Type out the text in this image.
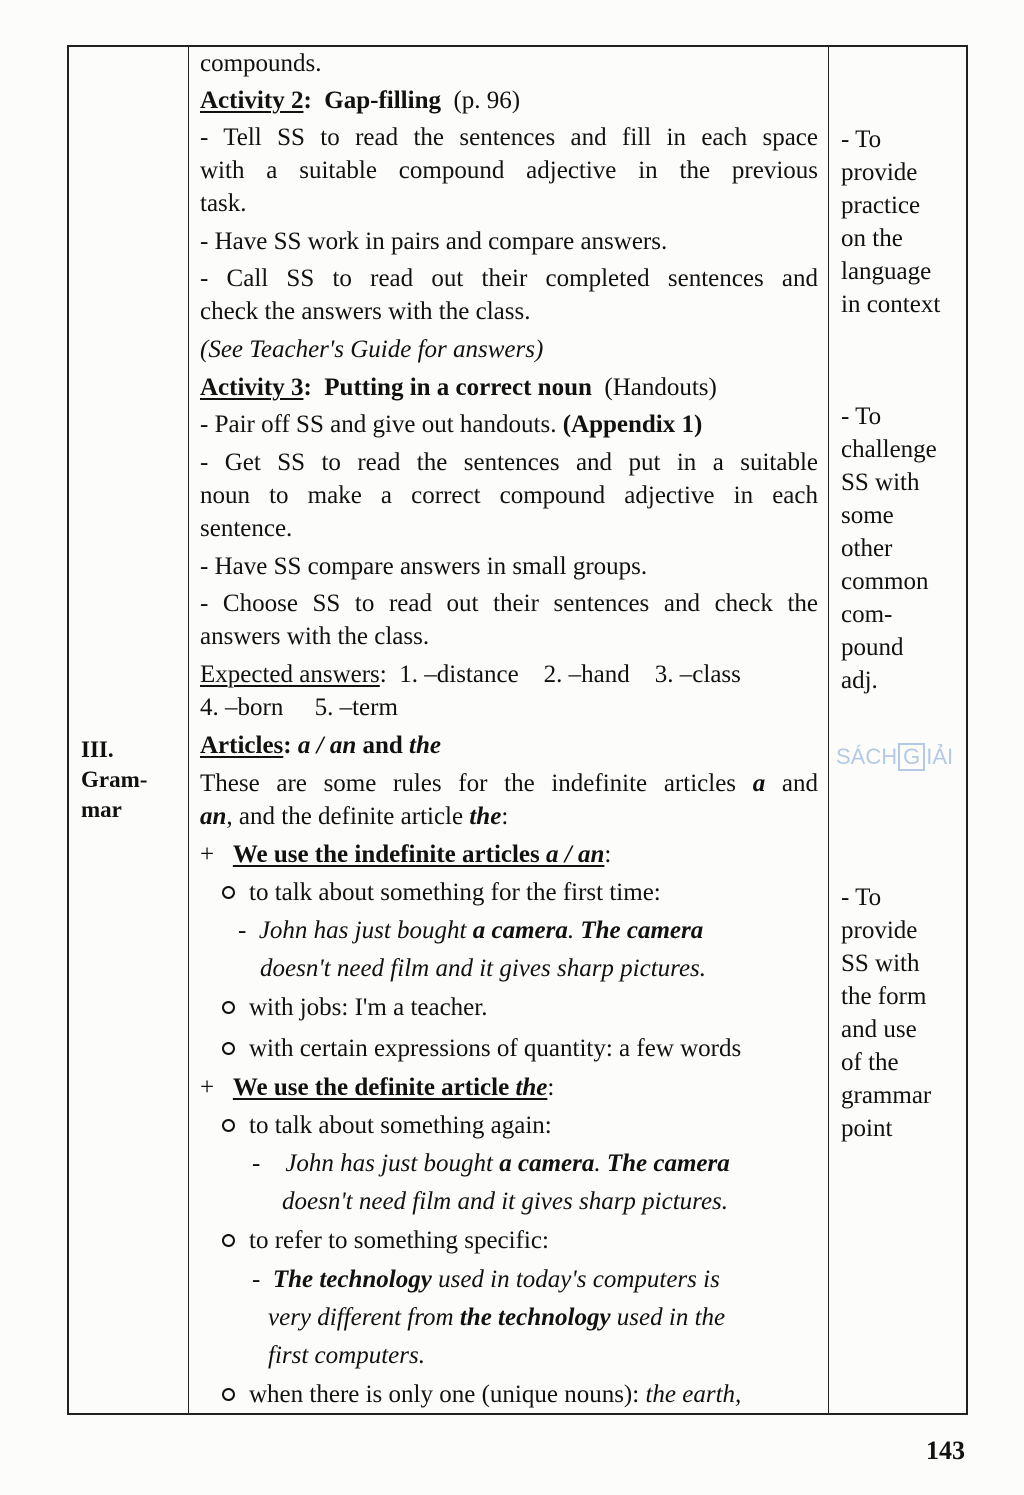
III.
Gram-
mar
compounds.
Activity 2: Gap-filling (p. 96)
- Tell SS to read the sentences and fill in each space
with a suitable compound adjective in the previous
task.
- Have SS work in pairs and compare answers.
- Call SS to read out their completed sentences and
check the answers with the class.
(See Teacher's Guide for answers)
Activity 3: Putting in a correct noun (Handouts)
- Pair off SS and give out handouts. (Appendix 1)
- Get SS to read the sentences and put in a suitable
noun to make a correct compound adjective in each
sentence.
- Have SS compare answers in small groups.
- Choose SS to read out their sentences and check the
answers with the class.
Expected answers: 1. –distance 2. –hand 3. –class
4. –born 5. –term
Articles: a / an and the
These are some rules for the indefinite articles a and
an, and the definite article the:
+ We use the indefinite articles a / an:
to talk about something for the first time:
- John has just bought a camera. The camera
doesn't need film and it gives sharp pictures.
with jobs: I'm a teacher.
with certain expressions of quantity: a few words
+ We use the definite article the:
to talk about something again:
- John has just bought a camera. The camera
doesn't need film and it gives sharp pictures.
to refer to something specific:
- The technology used in today's computers is
very different from the technology used in the
first computers.
when there is only one (unique nouns): the earth,
- To
provide
practice
on the
language
in context
- To
challenge
SS with
some
other
common
com-
pound
adj.
- To
provide
SS with
the form
and use
of the
grammar
point
SÁCH G IẢI
143
